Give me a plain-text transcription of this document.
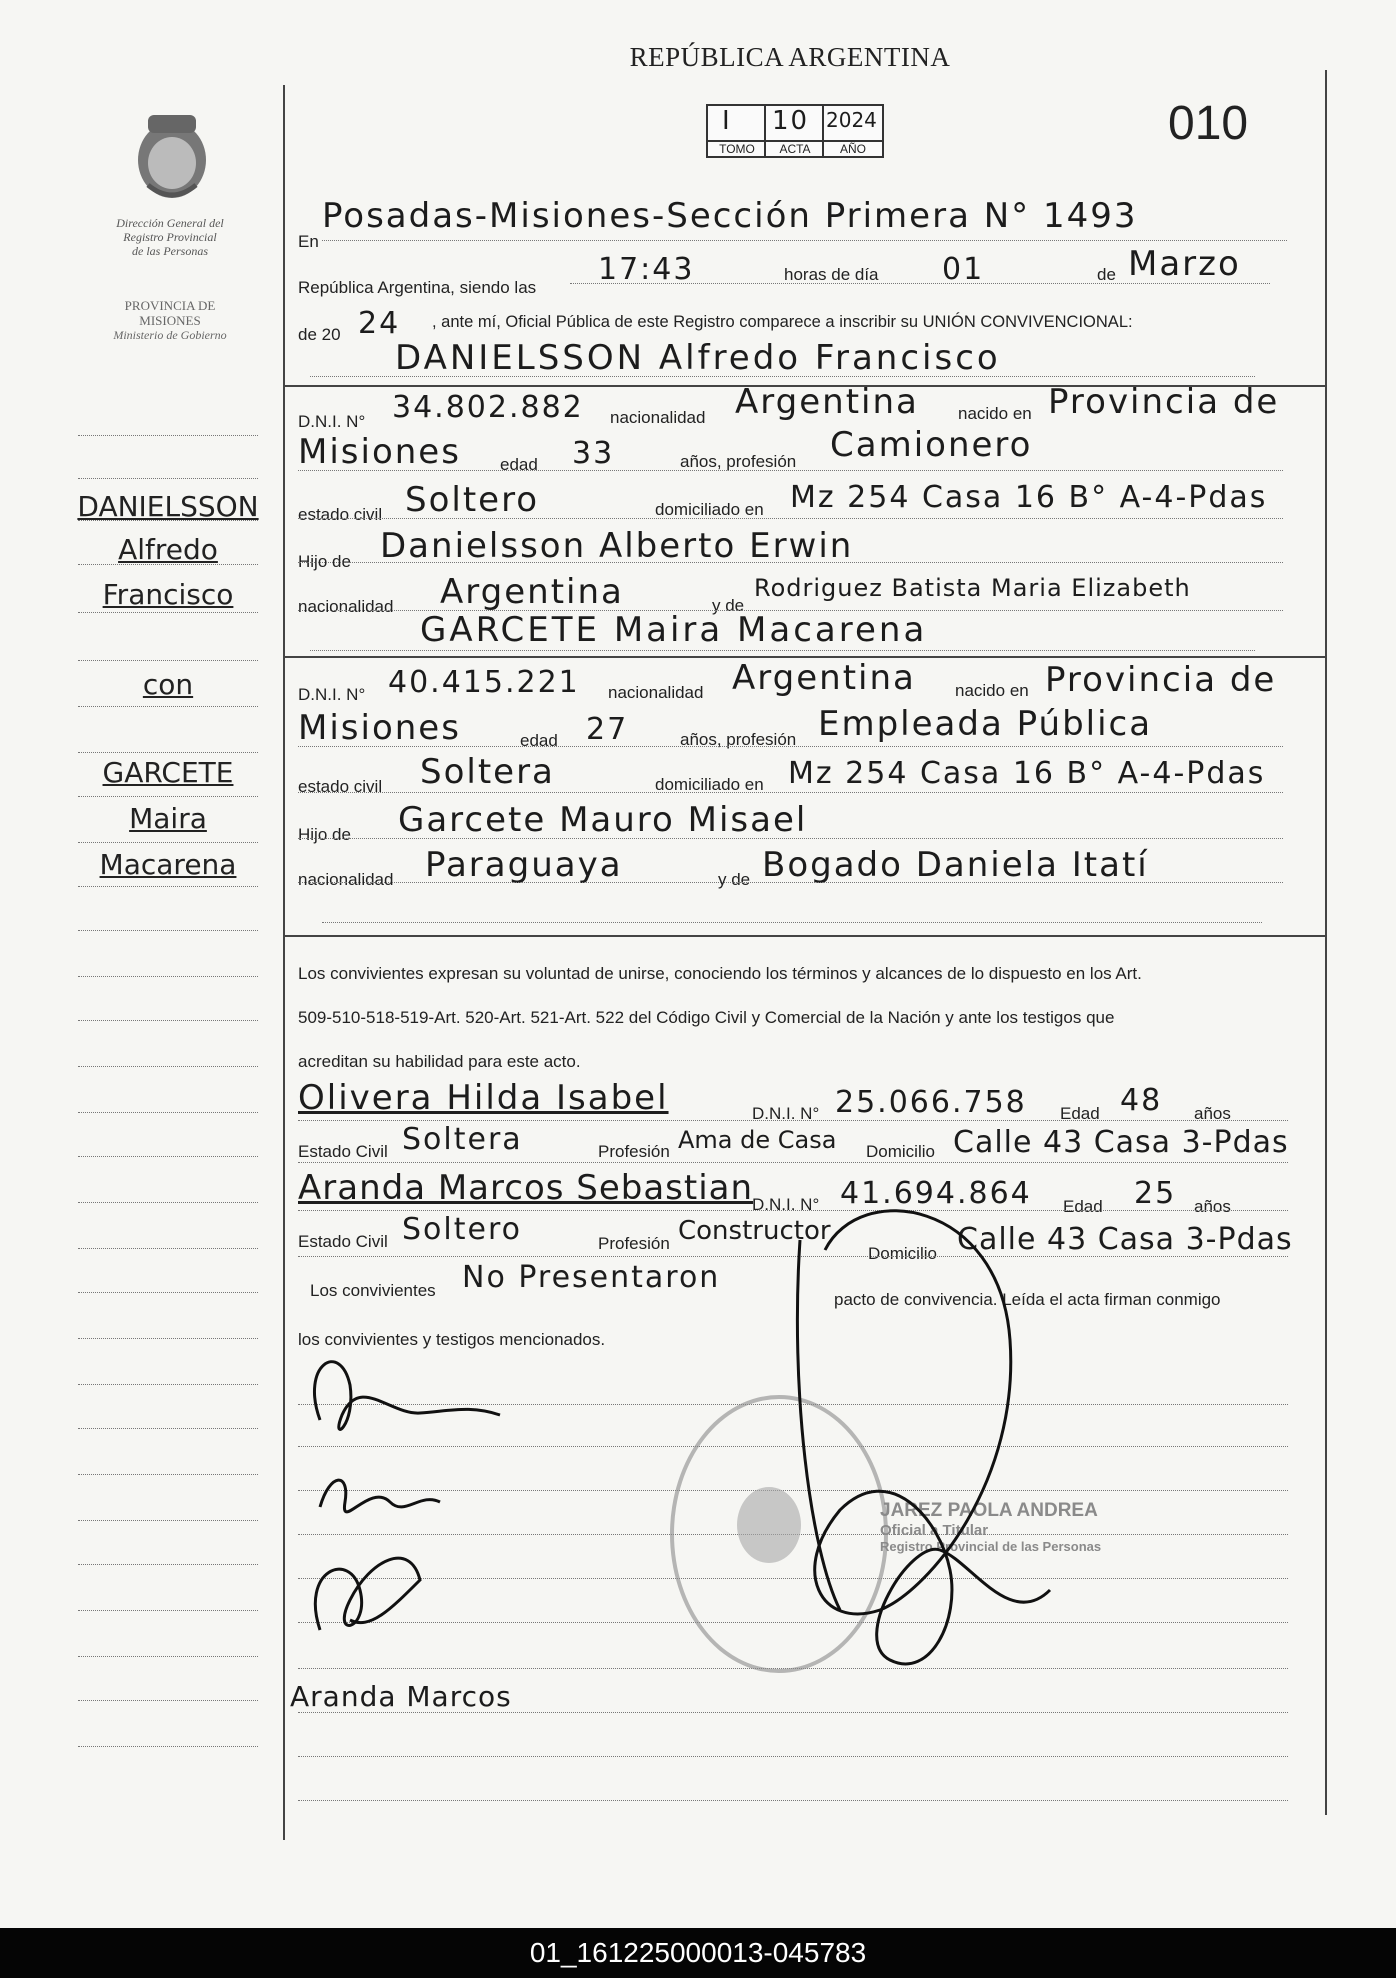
REPÚBLICA ARGENTINA
010
I 10 2024
TOMO	ACTA	AÑO
Dirección General del
Registro Provincial
de las Personas
PROVINCIA DE
MISIONES
Ministerio de Gobierno
DANIELSSON
Alfredo
Francisco
con
GARCETE
Maira
Macarena
En
Posadas-Misiones-Sección Primera N° 1493
República Argentina, siendo las
17:43	horas de día 01	de Marzo
de 20 24 , ante mí, Oficial Pública de este Registro comparece a inscribir su UNIÓN CONVIVENCIONAL:
DANIELSSON Alfredo Francisco
D.N.I. N° 34.802.882 nacionalidad Argentina nacido en Provincia de
Misiones edad 33	años, profesión Camionero
estado civil Soltero	domiciliado en Mz 254 Casa 16 B° A-4-Pdas
Hijo de Danielsson Alberto Erwin
nacionalidad Argentina	y de
Rodriguez Batista Maria Elizabeth
GARCETE Maira Macarena
D.N.I. N° 40.415.221 nacionalidad Argentina nacido en Provincia de
Misiones	edad 27	años, profesión Empleada Pública
estado civil Soltera	domiciliado en Mz 254 Casa 16 B° A-4-Pdas
Hijo de Garcete Mauro Misael
nacionalidad Paraguaya	y de Bogado Daniela Itatí
Los convivientes expresan su voluntad de unirse, conociendo los términos y alcances de lo dispuesto en los Art.
509-510-518-519-Art. 520-Art. 521-Art. 522 del Código Civil y Comercial de la Nación y ante los testigos que
acreditan su habilidad para este acto.
Olivera Hilda Isabel	D.N.I. N° 25.066.758 Edad 48 años
Estado Civil Soltera	Profesión Ama de Casa Domicilio Calle 43 Casa 3-Pdas
Aranda Marcos Sebastian
D.N.I. N° 41.694.864 Edad 25 años
Estado Civil Soltero	Profesión Constructor
Domicilio Calle 43 Casa 3-Pdas
Los convivientes No Presentaron
pacto de convivencia. Leída el acta firman conmigo
los convivientes y testigos mencionados.
JAREZ PAOLA ANDREA
Oficial a Titular
Registro Provincial de las Personas
Aranda Marcos
01_161225000013-045783
